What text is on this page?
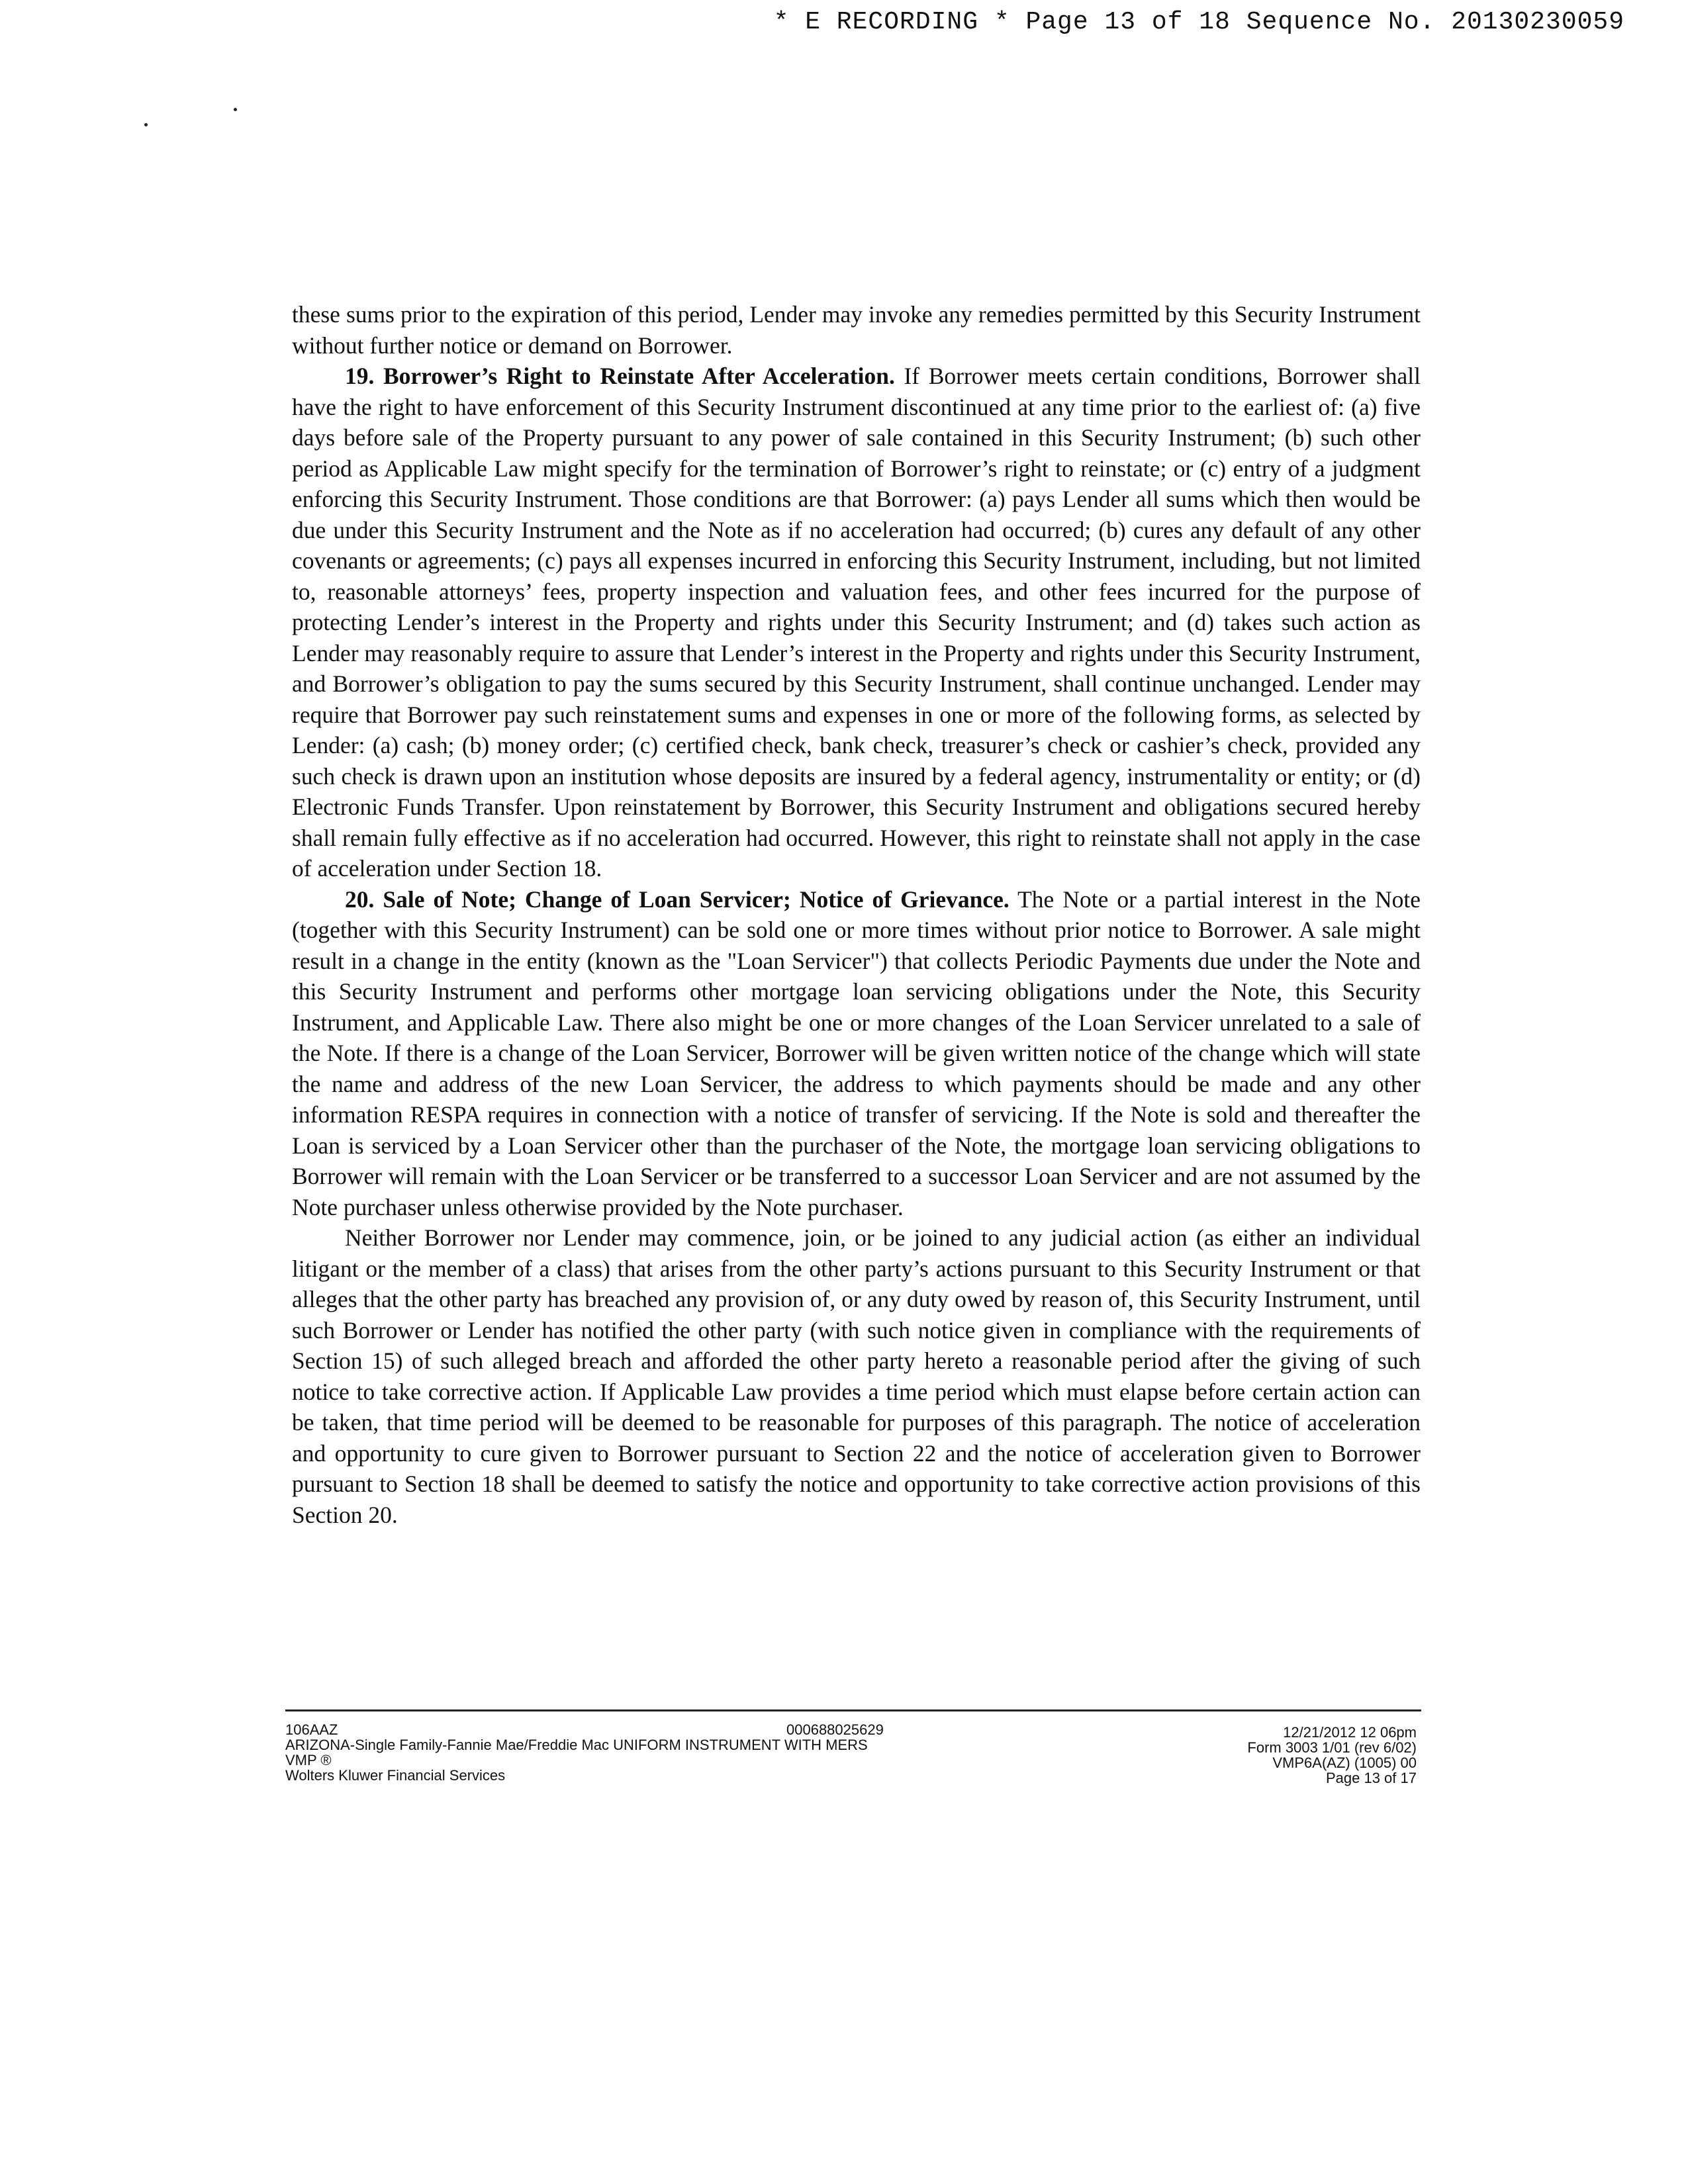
* E RECORDING * Page 13 of 18 Sequence No. 20130230059

these sums prior to the expiration of this period, Lender may invoke any remedies permitted by this Security Instrument without further notice or demand on Borrower.

19. Borrower’s Right to Reinstate After Acceleration. If Borrower meets certain conditions, Borrower shall have the right to have enforcement of this Security Instrument discontinued at any time prior to the earliest of: (a) five days before sale of the Property pursuant to any power of sale contained in this Security Instrument; (b) such other period as Applicable Law might specify for the termination of Borrower’s right to reinstate; or (c) entry of a judgment enforcing this Security Instrument. Those conditions are that Borrower: (a) pays Lender all sums which then would be due under this Security Instrument and the Note as if no acceleration had occurred; (b) cures any default of any other covenants or agreements; (c) pays all expenses incurred in enforcing this Security Instrument, including, but not limited to, reasonable attorneys’ fees, property inspection and valuation fees, and other fees incurred for the purpose of protecting Lender’s interest in the Property and rights under this Security Instrument; and (d) takes such action as Lender may reasonably require to assure that Lender’s interest in the Property and rights under this Security Instrument, and Borrower’s obligation to pay the sums secured by this Security Instrument, shall continue unchanged. Lender may require that Borrower pay such reinstatement sums and expenses in one or more of the following forms, as selected by Lender: (a) cash; (b) money order; (c) certified check, bank check, treasurer’s check or cashier’s check, provided any such check is drawn upon an institution whose deposits are insured by a federal agency, instrumentality or entity; or (d) Electronic Funds Transfer. Upon reinstatement by Borrower, this Security Instrument and obligations secured hereby shall remain fully effective as if no acceleration had occurred. However, this right to reinstate shall not apply in the case of acceleration under Section 18.

20. Sale of Note; Change of Loan Servicer; Notice of Grievance. The Note or a partial interest in the Note (together with this Security Instrument) can be sold one or more times without prior notice to Borrower. A sale might result in a change in the entity (known as the "Loan Servicer") that collects Periodic Payments due under the Note and this Security Instrument and performs other mortgage loan servicing obligations under the Note, this Security Instrument, and Applicable Law. There also might be one or more changes of the Loan Servicer unrelated to a sale of the Note. If there is a change of the Loan Servicer, Borrower will be given written notice of the change which will state the name and address of the new Loan Servicer, the address to which payments should be made and any other information RESPA requires in connection with a notice of transfer of servicing. If the Note is sold and thereafter the Loan is serviced by a Loan Servicer other than the purchaser of the Note, the mortgage loan servicing obligations to Borrower will remain with the Loan Servicer or be transferred to a successor Loan Servicer and are not assumed by the Note purchaser unless otherwise provided by the Note purchaser.

Neither Borrower nor Lender may commence, join, or be joined to any judicial action (as either an individual litigant or the member of a class) that arises from the other party’s actions pursuant to this Security Instrument or that alleges that the other party has breached any provision of, or any duty owed by reason of, this Security Instrument, until such Borrower or Lender has notified the other party (with such notice given in compliance with the requirements of Section 15) of such alleged breach and afforded the other party hereto a reasonable period after the giving of such notice to take corrective action. If Applicable Law provides a time period which must elapse before certain action can be taken, that time period will be deemed to be reasonable for purposes of this paragraph. The notice of acceleration and opportunity to cure given to Borrower pursuant to Section 22 and the notice of acceleration given to Borrower pursuant to Section 18 shall be deemed to satisfy the notice and opportunity to take corrective action provisions of this Section 20.

106AAZ
ARIZONA-Single Family-Fannie Mae/Freddie Mac UNIFORM INSTRUMENT WITH MERS
VMP ®
Wolters Kluwer Financial Services
000688025629	12/21/2012 12 06pm
Form 3003 1/01 (rev 6/02)
VMP6A(AZ) (1005) 00
Page 13 of 17
